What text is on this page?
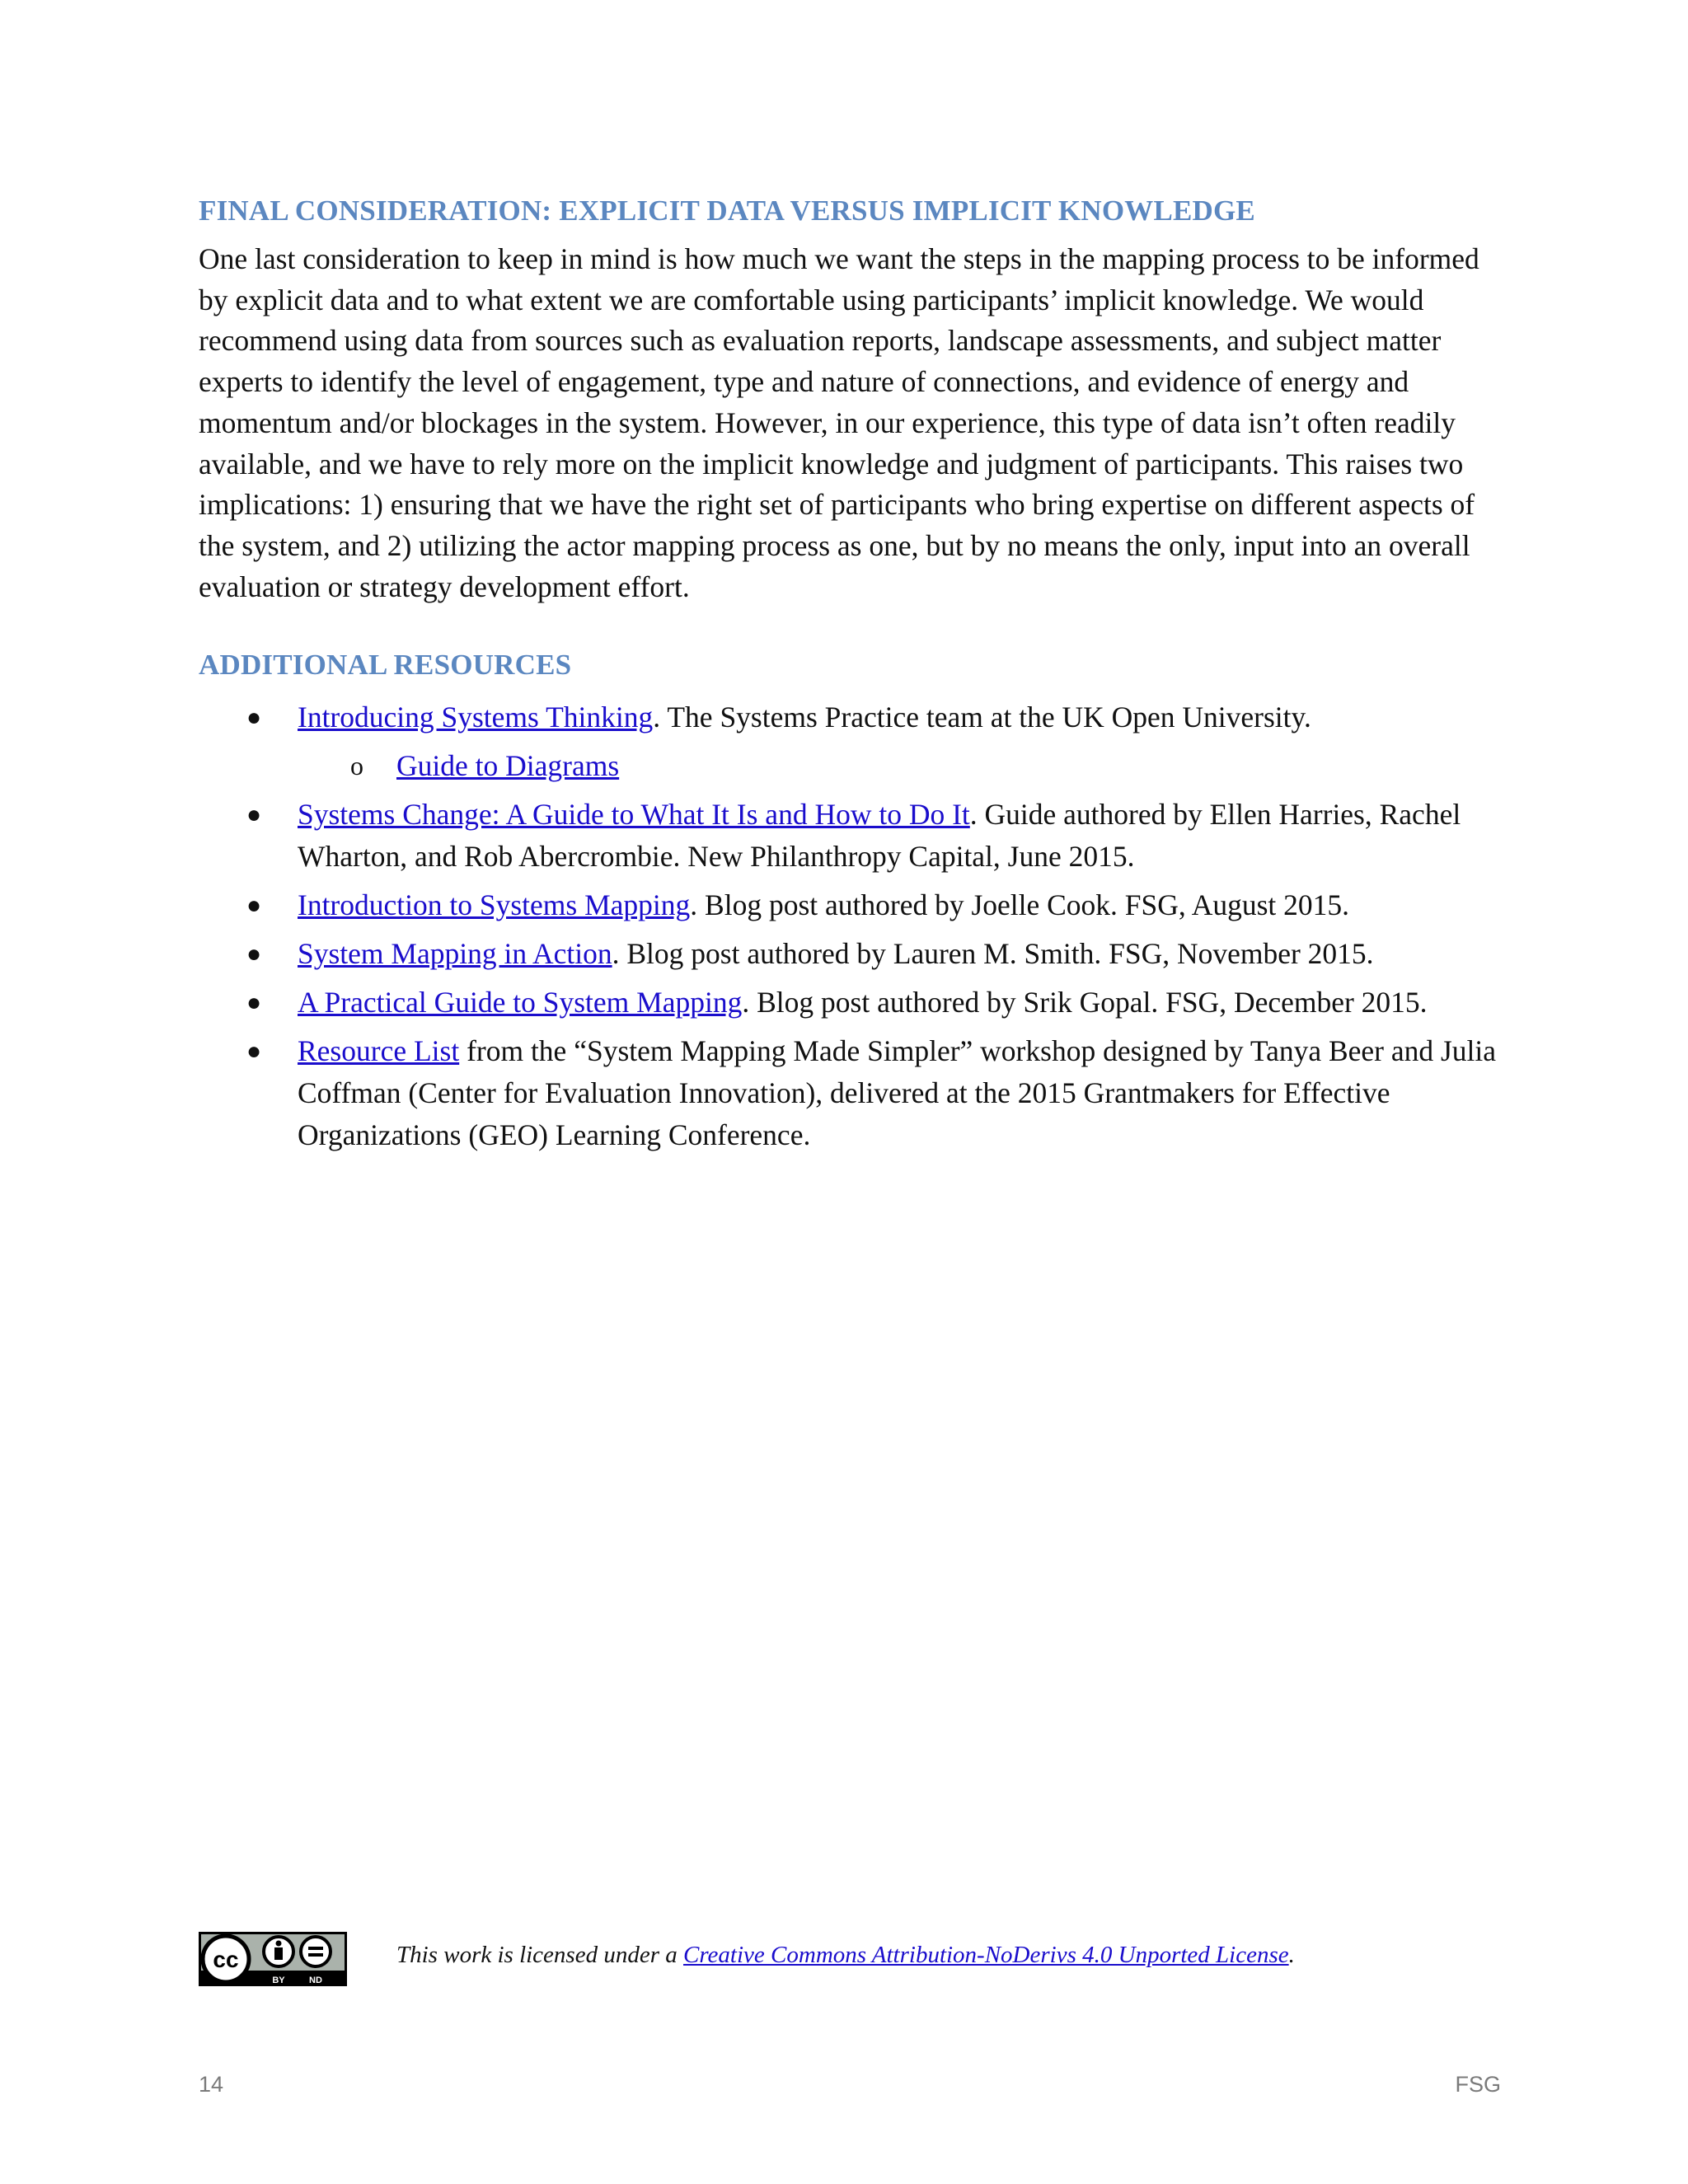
FINAL CONSIDERATION: EXPLICIT DATA VERSUS IMPLICIT KNOWLEDGE

One last consideration to keep in mind is how much we want the steps in the mapping process to be informed by explicit data and to what extent we are comfortable using participants’ implicit knowledge. We would recommend using data from sources such as evaluation reports, landscape assessments, and subject matter experts to identify the level of engagement, type and nature of connections, and evidence of energy and momentum and/or blockages in the system. However, in our experience, this type of data isn’t often readily available, and we have to rely more on the implicit knowledge and judgment of participants. This raises two implications: 1) ensuring that we have the right set of participants who bring expertise on different aspects of the system, and 2) utilizing the actor mapping process as one, but by no means the only, input into an overall evaluation or strategy development effort.

ADDITIONAL RESOURCES
● Introducing Systems Thinking. The Systems Practice team at the UK Open University.
o Guide to Diagrams
● Systems Change: A Guide to What It Is and How to Do It. Guide authored by Ellen Harries, Rachel Wharton, and Rob Abercrombie. New Philanthropy Capital, June 2015.
● Introduction to Systems Mapping. Blog post authored by Joelle Cook. FSG, August 2015.
● System Mapping in Action. Blog post authored by Lauren M. Smith. FSG, November 2015.
● A Practical Guide to System Mapping. Blog post authored by Srik Gopal. FSG, December 2015.
● Resource List from the “System Mapping Made Simpler” workshop designed by Tanya Beer and Julia Coffman (Center for Evaluation Innovation), delivered at the 2015 Grantmakers for Effective Organizations (GEO) Learning Conference.
cc
BY	ND
This work is licensed under a Creative Commons Attribution-NoDerivs 4.0 Unported License.
14	FSG
